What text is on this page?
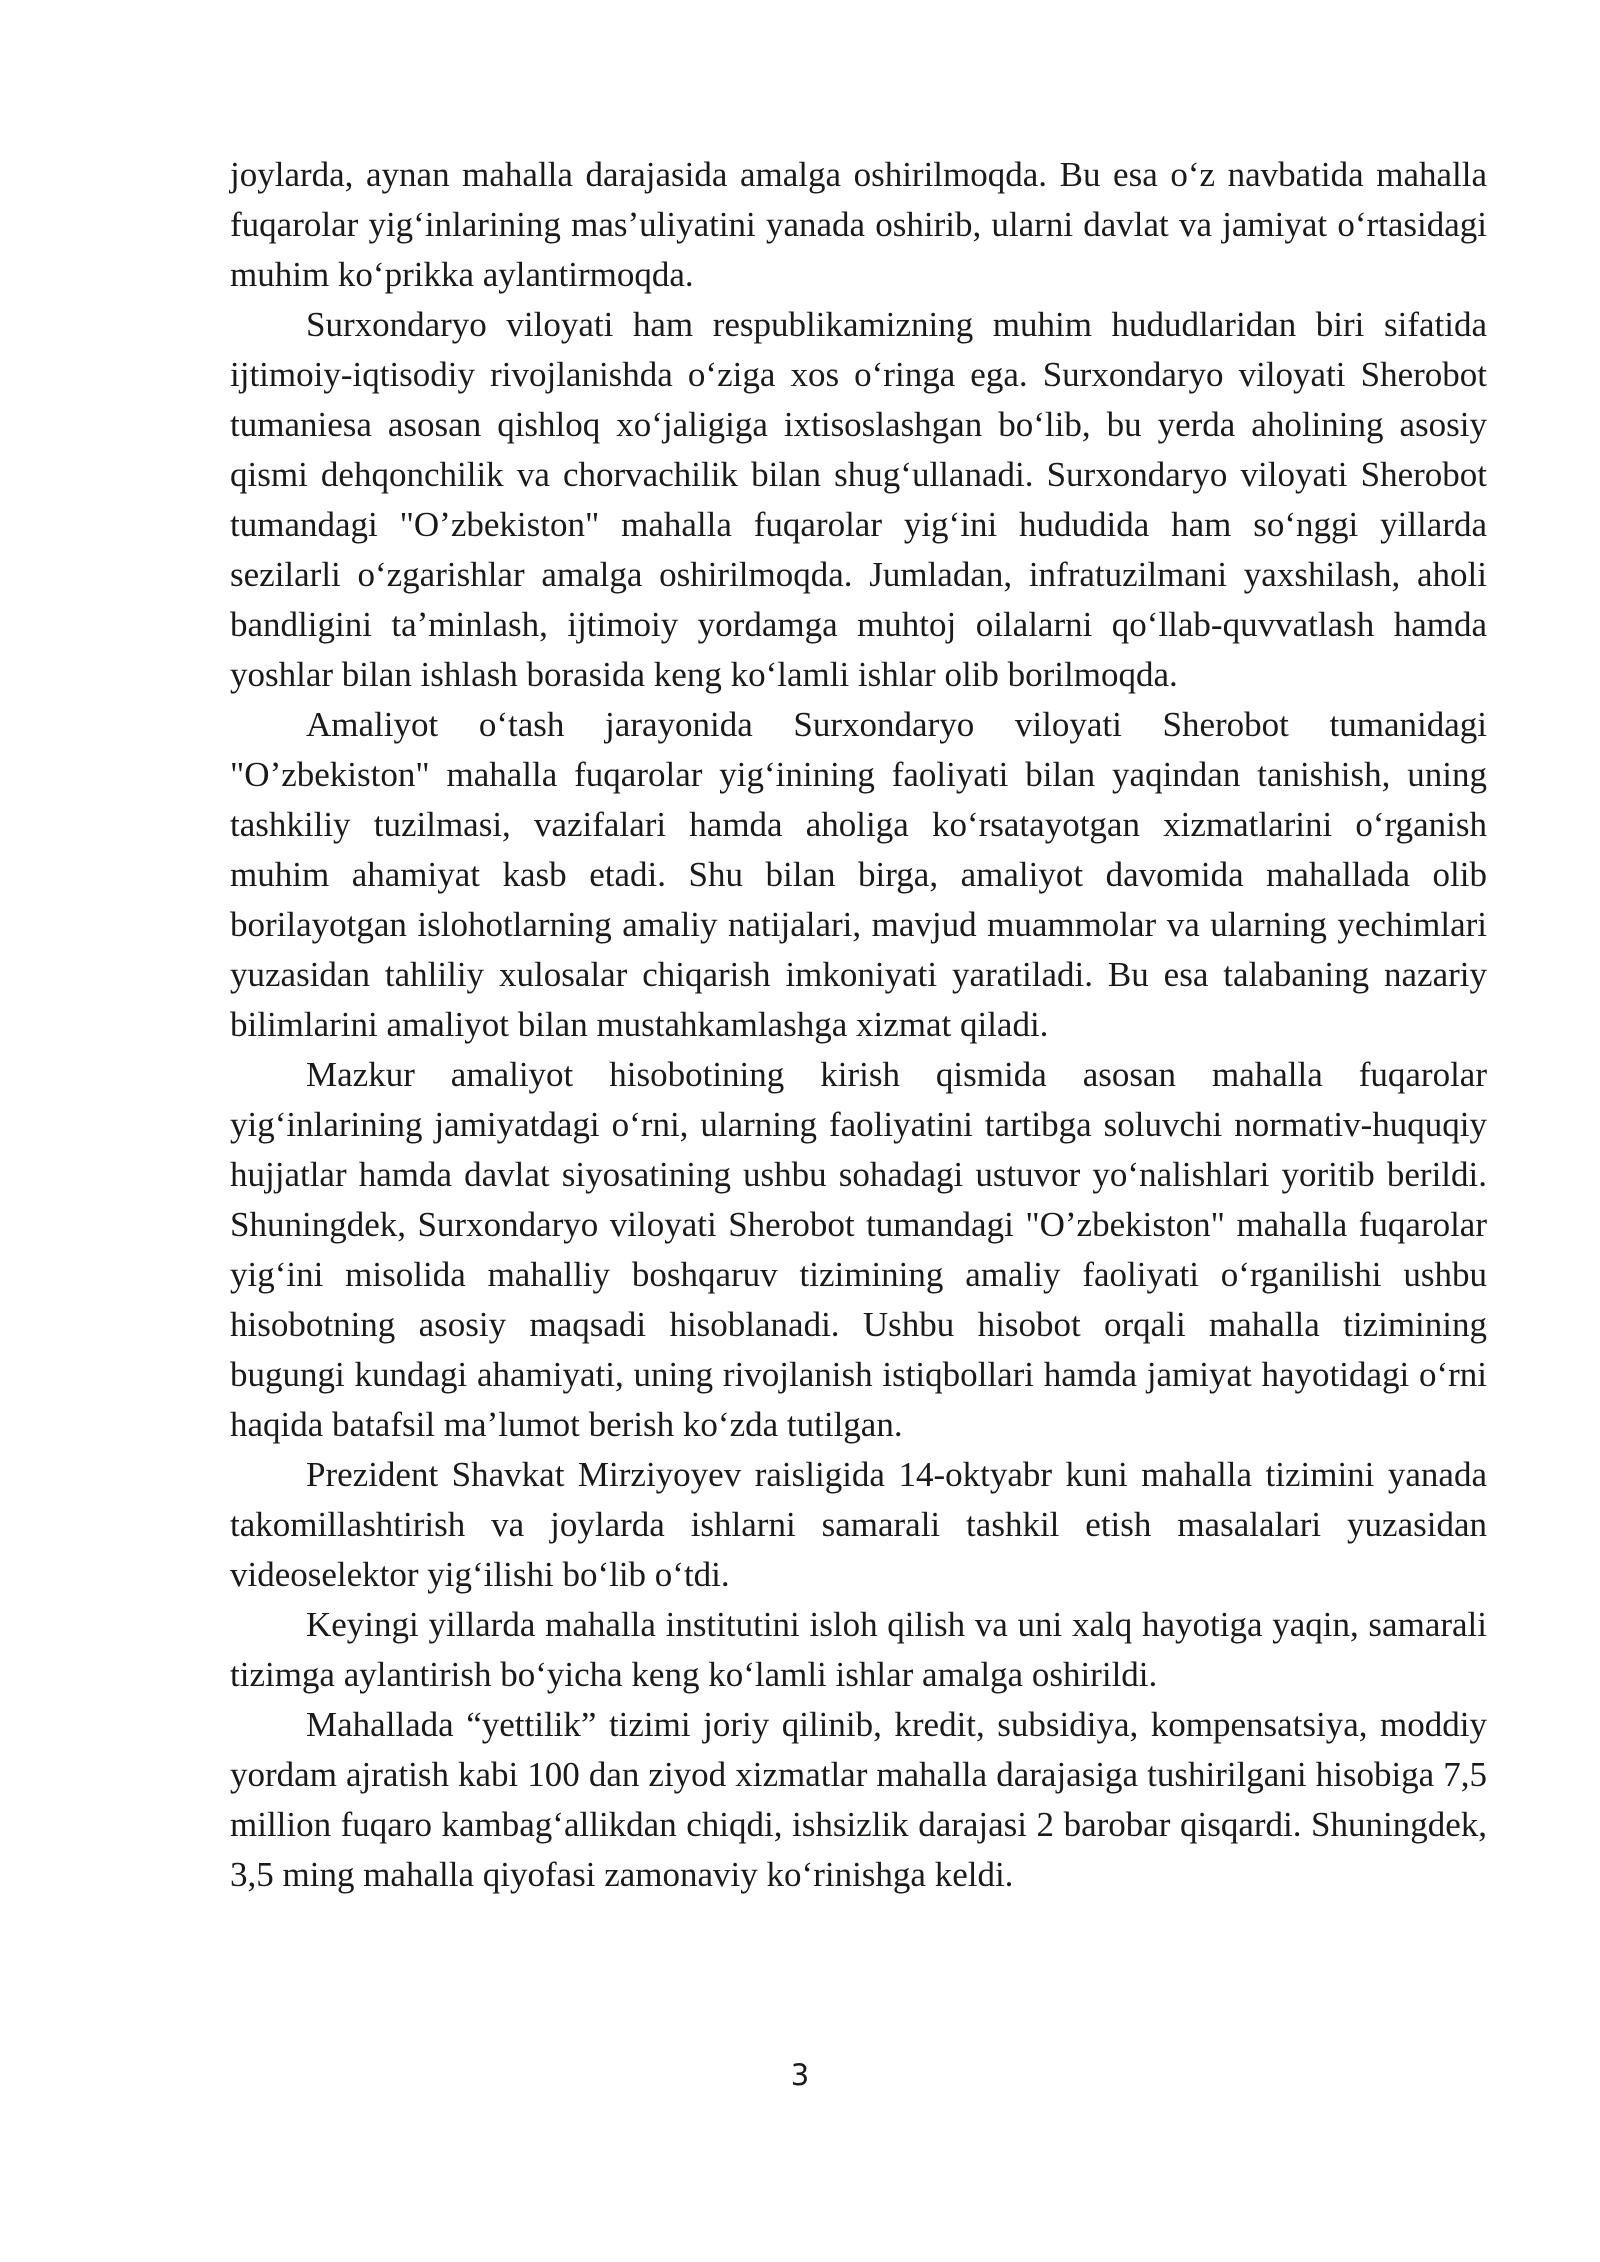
joylarda, aynan mahalla darajasida amalga oshirilmoqda. Bu esa oʻz navbatida mahalla fuqarolar yigʻinlarining masʼuliyatini yanada oshirib, ularni davlat va jamiyat oʻrtasidagi muhim koʻprikka aylantirmoqda.

Surxondaryo viloyati ham respublikamizning muhim hududlaridan biri sifatida ijtimoiy-iqtisodiy rivojlanishda oʻziga xos oʻringa ega. Surxondaryo viloyati Sherobot tumaniesa asosan qishloq xoʻjaligiga ixtisoslashgan boʻlib, bu yerda aholining asosiy qismi dehqonchilik va chorvachilik bilan shugʻullanadi. Surxondaryo viloyati Sherobot tumandagi "Oʼzbekiston" mahalla fuqarolar yigʻini hududida ham soʻnggi yillarda sezilarli oʻzgarishlar amalga oshirilmoqda. Jumladan, infratuzilmani yaxshilash, aholi bandligini taʼminlash, ijtimoiy yordamga muhtoj oilalarni qoʻllab-quvvatlash hamda yoshlar bilan ishlash borasida keng koʻlamli ishlar olib borilmoqda.

Amaliyot oʻtash jarayonida Surxondaryo viloyati Sherobot tumanidagi "Oʼzbekiston" mahalla fuqarolar yigʻinining faoliyati bilan yaqindan tanishish, uning tashkiliy tuzilmasi, vazifalari hamda aholiga koʻrsatayotgan xizmatlarini oʻrganish muhim ahamiyat kasb etadi. Shu bilan birga, amaliyot davomida mahallada olib borilayotgan islohotlarning amaliy natijalari, mavjud muammolar va ularning yechimlari yuzasidan tahliliy xulosalar chiqarish imkoniyati yaratiladi. Bu esa talabaning nazariy bilimlarini amaliyot bilan mustahkamlashga xizmat qiladi.

Mazkur amaliyot hisobotining kirish qismida asosan mahalla fuqarolar yigʻinlarining jamiyatdagi oʻrni, ularning faoliyatini tartibga soluvchi normativ-huquqiy hujjatlar hamda davlat siyosatining ushbu sohadagi ustuvor yoʻnalishlari yoritib berildi. Shuningdek, Surxondaryo viloyati Sherobot tumandagi "Oʼzbekiston" mahalla fuqarolar yigʻini misolida mahalliy boshqaruv tizimining amaliy faoliyati oʻrganilishi ushbu hisobotning asosiy maqsadi hisoblanadi. Ushbu hisobot orqali mahalla tizimining bugungi kundagi ahamiyati, uning rivojlanish istiqbollari hamda jamiyat hayotidagi oʻrni haqida batafsil maʼlumot berish koʻzda tutilgan.

Prezident Shavkat Mirziyoyev raisligida 14-oktyabr kuni mahalla tizimini yanada takomillashtirish va joylarda ishlarni samarali tashkil etish masalalari yuzasidan videoselektor yigʻilishi boʻlib oʻtdi.

Keyingi yillarda mahalla institutini isloh qilish va uni xalq hayotiga yaqin, samarali tizimga aylantirish boʻyicha keng koʻlamli ishlar amalga oshirildi.

Mahallada “yettilik” tizimi joriy qilinib, kredit, subsidiya, kompensatsiya, moddiy yordam ajratish kabi 100 dan ziyod xizmatlar mahalla darajasiga tushirilgani hisobiga 7,5 million fuqaro kambagʻallikdan chiqdi, ishsizlik darajasi 2 barobar qisqardi. Shuningdek, 3,5 ming mahalla qiyofasi zamonaviy koʻrinishga keldi.

3
